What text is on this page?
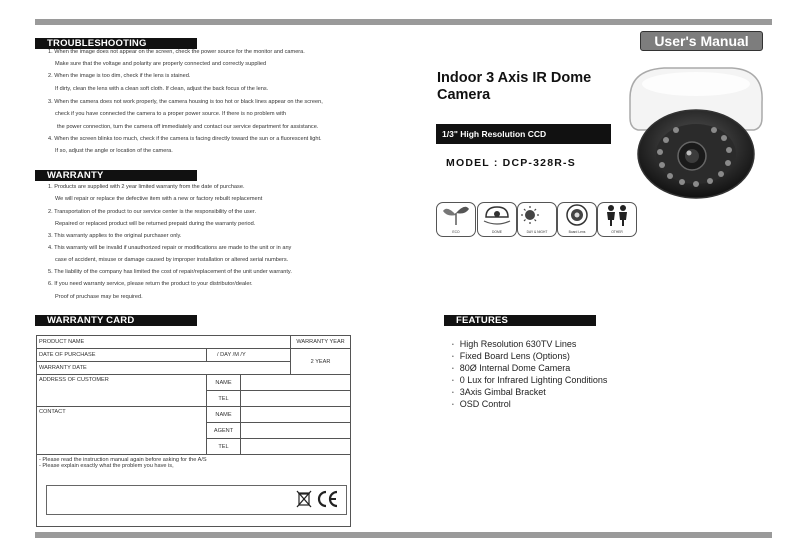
TROUBLESHOOTING
1. When the image does not appear on the screen, check the power source for the monitor and camera.
Make sure that the voltage and polarity are properly connected and correctly supplied
2. When the image is too dim, check if the lens is stained.
If dirty, clean the lens with a clean soft cloth. If clean, adjust the back focus of the lens.
3. When the camera does not work properly, the camera housing is too hot or black lines appear on the screen,
check if you have connected the camera to a proper power source. If there is no problem with
the power connection, turn the camera off immediately and contact our service department for assistance.
4. When the screen blinks too much, check if the camera is facing directly toward the sun or a fluorescent light.
If so, adjust the angle or location of the camera.
WARRANTY
1. Products are supplied with 2 year limited warranty from the date of purchase.
We will repair or replace the defective item with a new or factory rebuilt replacement
2. Transportation of the product to our service center is the responsibility of the user.
Repaired or replaced product will be returned prepaid during the warranty period.
3. This warranty applies to the original purchaser only.
4. This warranty will be invalid if unauthorized repair or modifications are made to the unit or in any
case of accident, misuse or damage caused by improper installation or altered serial numbers.
5. The liability of the company has limited the cost of repair/replacement of the unit under warranty.
6. If you need warranty service, please return the product to your distributor/dealer.
Proof of pruchase may be required.
WARRANTY CARD
PRODUCT NAME			WARRANTY YEAR
DATE OF PURCHASE	/ DAY /M /Y		2 YEAR
WARRANTY DATE			
ADDRESS OF CUSTOMER	NAME		
	TEL		
CONTACT	NAME		
	AGENT		
	TEL		

- Please read the instruction manual again before asking for the A/S
- Please explain exactly what the problem you have is,			
User's Manual
Indoor 3 Axis IR Dome
Camera
1/3" High Resolution CCD
MODEL : DCP-328R-S
ECO	DOME	DAY & NIGHT	Board Lens	OTHER
FEATURES
• High Resolution 630TV Lines
• Fixed Board Lens (Options)
• 80Ø Internal Dome Camera
• 0 Lux for Infrared Lighting Conditions
• 3Axis Gimbal Bracket
• OSD Control
